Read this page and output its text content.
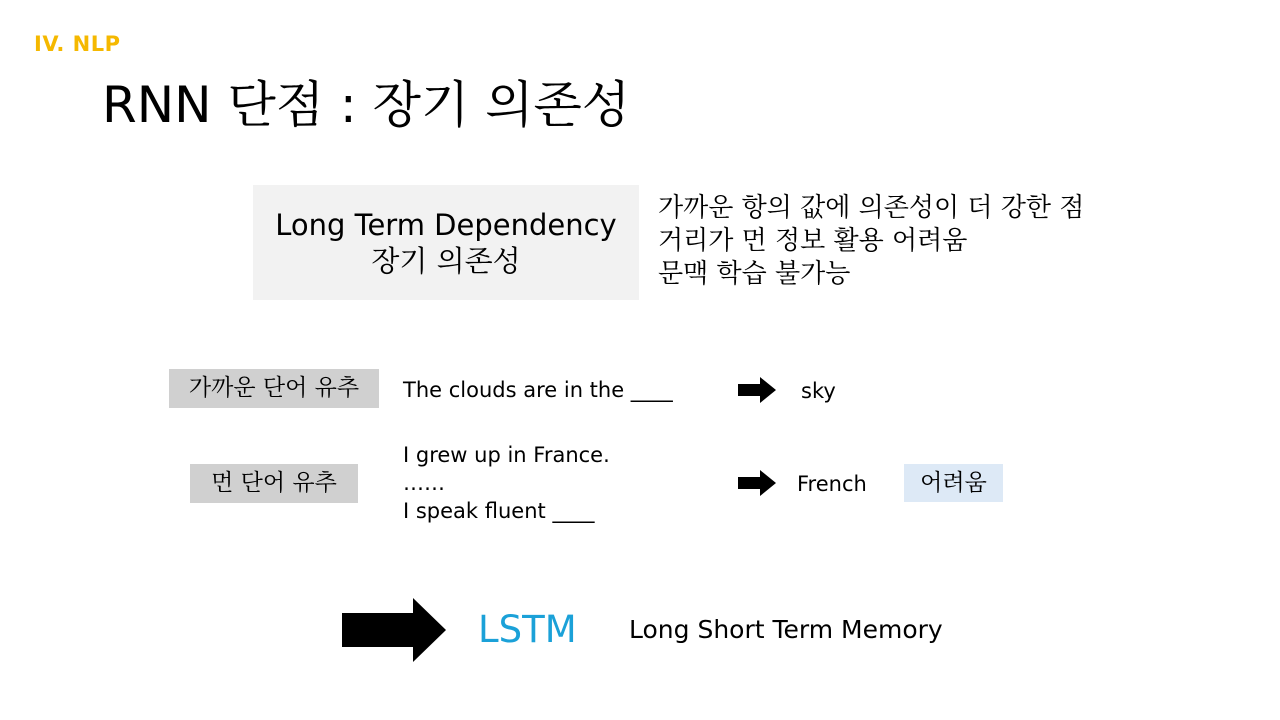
IV. NLP
RNN 단점 : 장기 의존성
Long Term Dependency
장기 의존성
가까운 항의 값에 의존성이 더 강한 점
거리가 먼 정보 활용 어려움
문맥 학습 불가능
가까운 단어 유추	The clouds are in the ____	sky
먼 단어 유추
I grew up in France.
……
I speak fluent ____
French	어려움
LSTM Long Short Term Memory
